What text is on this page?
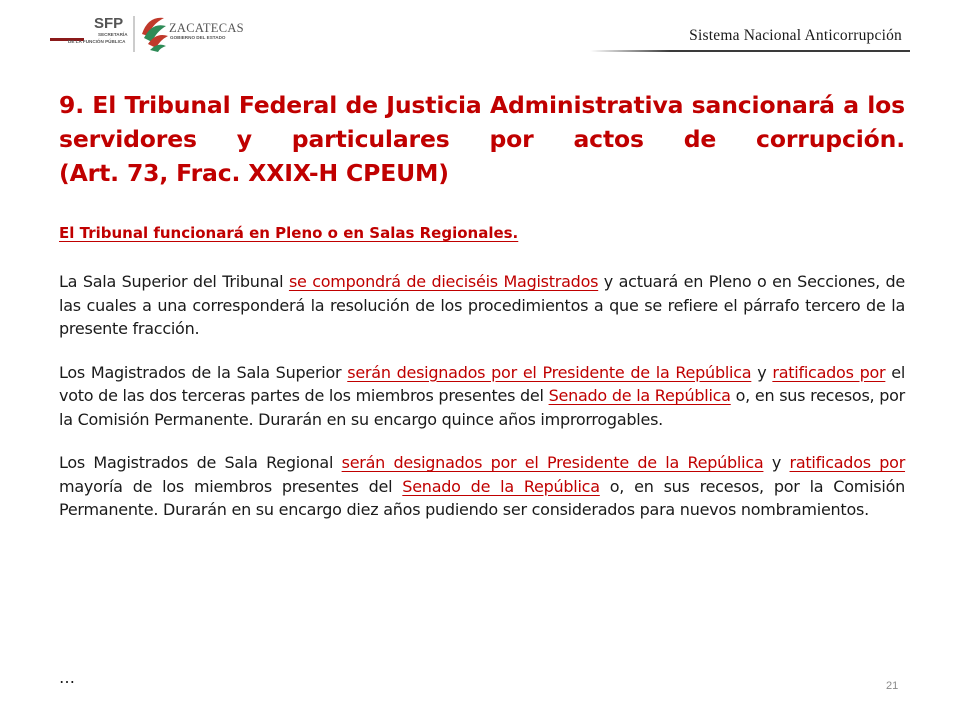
SFP
SECRETARÍA
DE LA FUNCIÓN PÚBLICA
ZACATECAS
GOBIERNO DEL ESTADO	Sistema Nacional Anticorrupción
9. El Tribunal Federal de Justicia Administrativa sancionará a los
servidores y particulares por actos de corrupción.
(Art. 73, Frac. XXIX-H CPEUM)

El Tribunal funcionará en Pleno o en Salas Regionales.

La Sala Superior del Tribunal se compondrá de dieciséis Magistrados y actuará en Pleno o en Secciones, de las cuales a una corresponderá la resolución de los procedimientos a que se refiere el párrafo tercero de la presente fracción.

Los Magistrados de la Sala Superior serán designados por el Presidente de la República y ratificados por el voto de las dos terceras partes de los miembros presentes del Senado de la República o, en sus recesos, por la Comisión Permanente. Durarán en su encargo quince años improrrogables.

Los Magistrados de Sala Regional serán designados por el Presidente de la República y ratificados por mayoría de los miembros presentes del Senado de la República o, en sus recesos, por la Comisión Permanente. Durarán en su encargo diez años pudiendo ser considerados para nuevos nombramientos.

…	21
